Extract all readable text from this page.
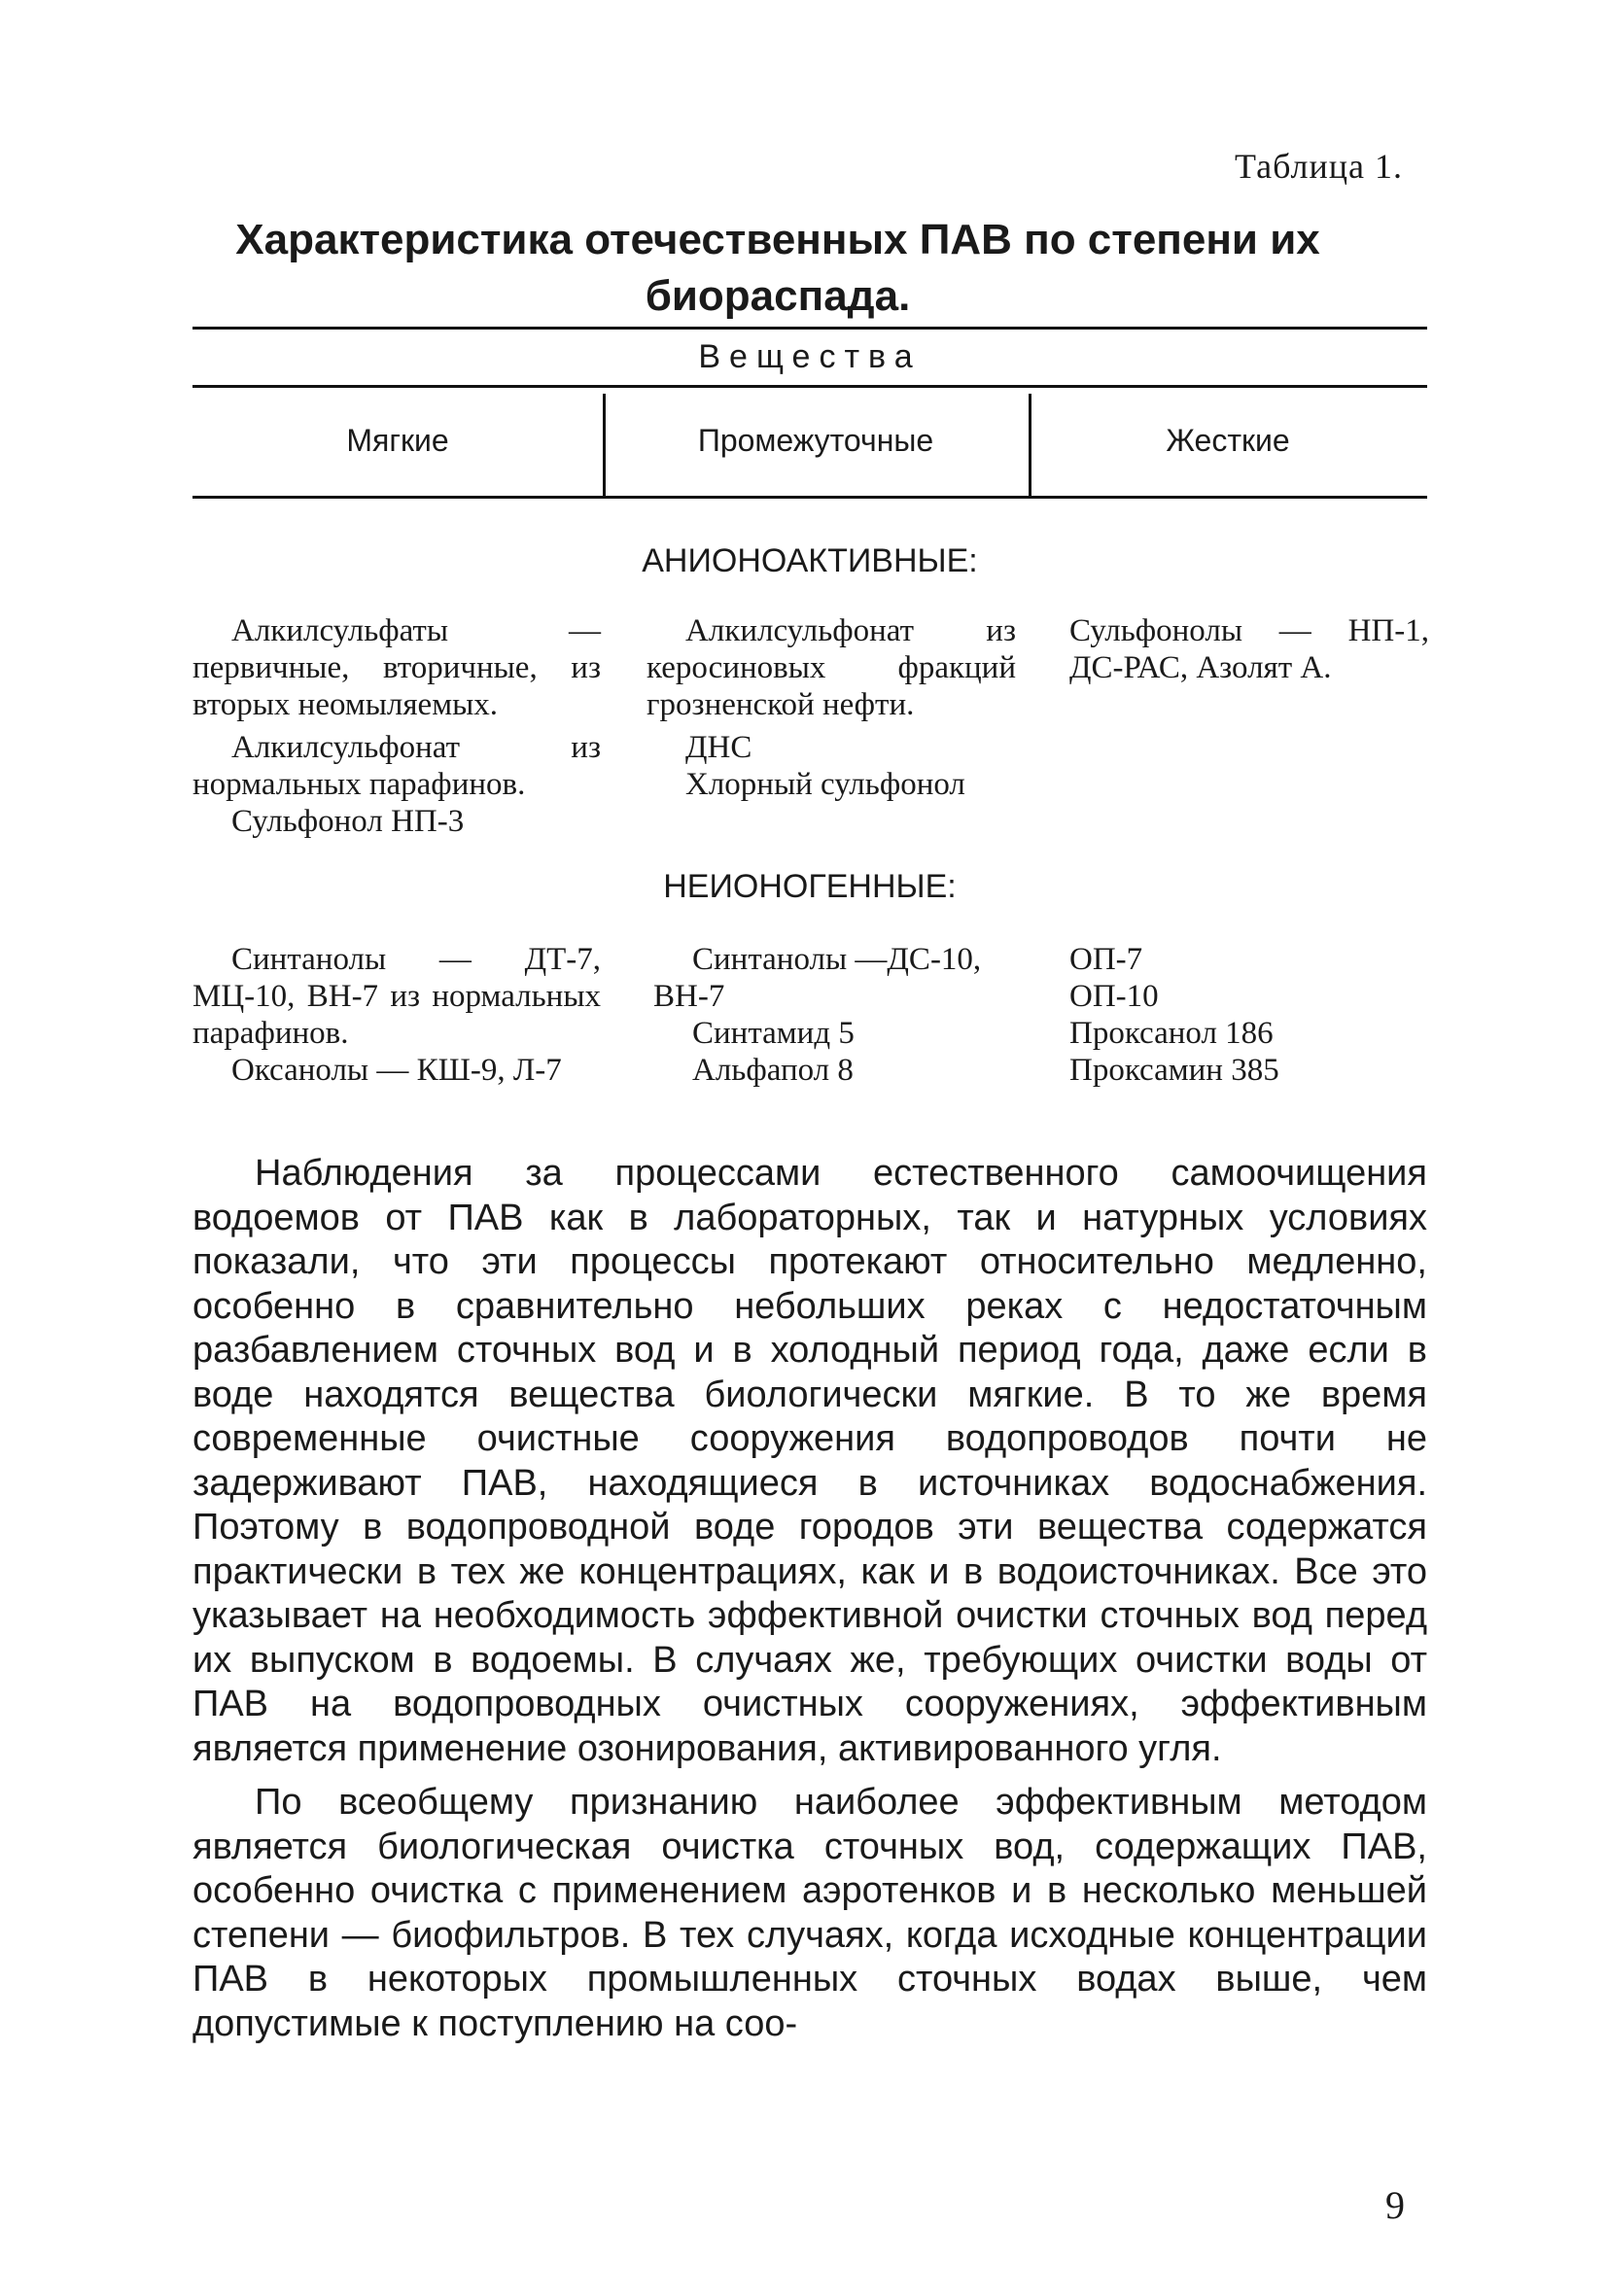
Таблица 1.
Характеристика отечественных ПАВ по степени их биораспада.
Вещества
Мягкие	Промежуточные	Жесткие
АНИОНОАКТИВНЫЕ:

Алкилсульфаты — первичные, вторичные, из вторых неомыляемых.

Алкилсульфонат из нормальных парафинов.

Сульфонол НП-3

Алкилсульфонат из керосиновых фракций грозненской нефти.

ДНС

Хлорный сульфонол

Сульфонолы — НП-1, ДС-РАС, Азолят А.

НЕИОНОГЕННЫЕ:

Синтанолы — ДТ-7, МЦ-10, ВН-7 из нормальных парафинов.

Оксанолы — КШ-9, Л-7

Синтанолы —ДС-10, ВН-7

Синтамид 5

Альфапол 8

ОП-7

ОП-10

Проксанол 186

Проксамин 385

Наблюдения за процессами естественного самоочищения водоемов от ПАВ как в лабораторных, так и натурных условиях показали, что эти процессы протекают относительно медленно, особенно в сравнительно небольших реках с недостаточным разбавлением сточных вод и в холодный период года, даже если в воде находятся вещества биологически мягкие. В то же время современные очистные сооружения водопроводов почти не задерживают ПАВ, находящиеся в источниках водоснабжения. Поэтому в водопроводной воде городов эти вещества содержатся практически в тех же концентрациях, как и в водоисточниках. Все это указывает на необходимость эффективной очистки сточных вод перед их выпуском в водоемы. В случаях же, требующих очистки воды от ПАВ на водопроводных очистных сооружениях, эффективным является применение озонирования, активированного угля.

По всеобщему признанию наиболее эффективным методом является биологическая очистка сточных вод, содержащих ПАВ, особенно очистка с применением аэротенков и в несколько меньшей степени — биофильтров. В тех случаях, когда исходные концентрации ПАВ в некоторых промышленных сточных водах выше, чем допустимые к поступлению на соо-

9
